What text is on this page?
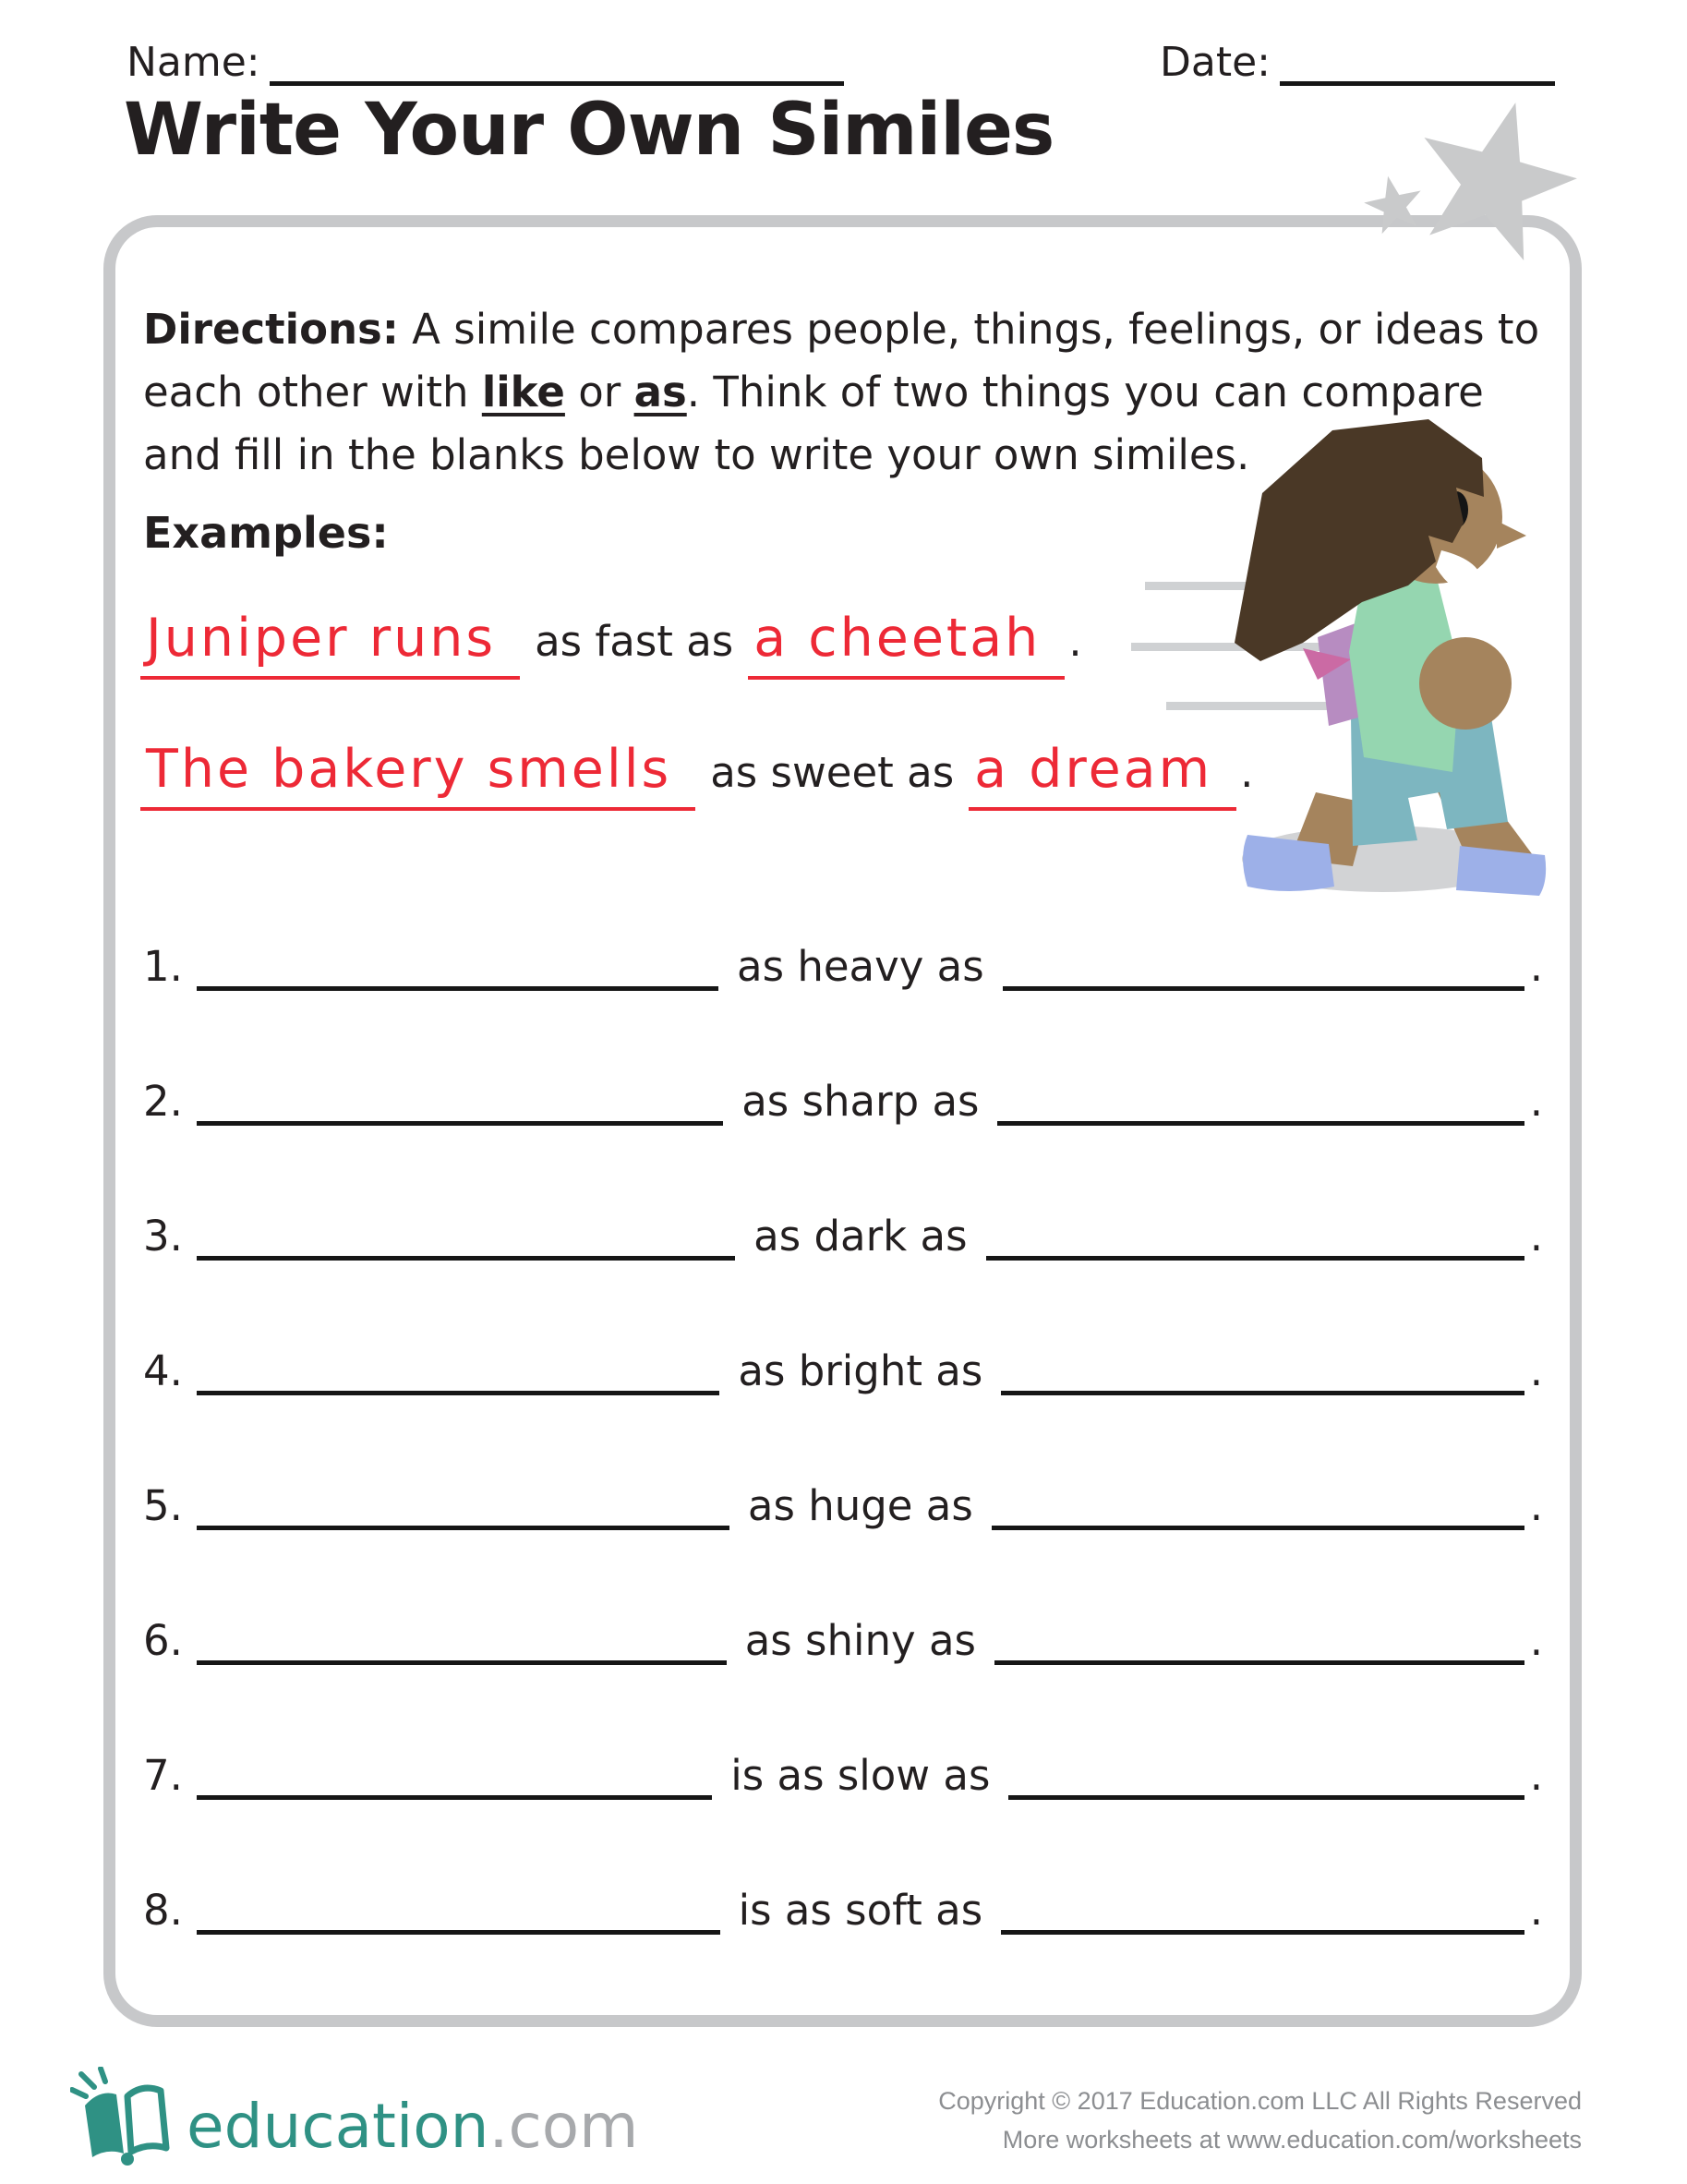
Name:	Date:
Write Your Own Similes

Directions: A simile compares people, things, feelings, or ideas to
each other with like or as. Think of two things you can compare
and fill in the blanks below to write your own similes.

Examples:
Juniper runs as fast as a cheetah .
The bakery smells as sweet as a dream .
1.	as heavy as	.
2.	as sharp as	.
3.	as dark as	.
4.	as bright as	.
5.	as huge as	.
6.	as shiny as	.
7.	is as slow as	.
8.	is as soft as	.
education.com	Copyright © 2017 Education.com LLC All Rights Reserved
More worksheets at www.education.com/worksheets
